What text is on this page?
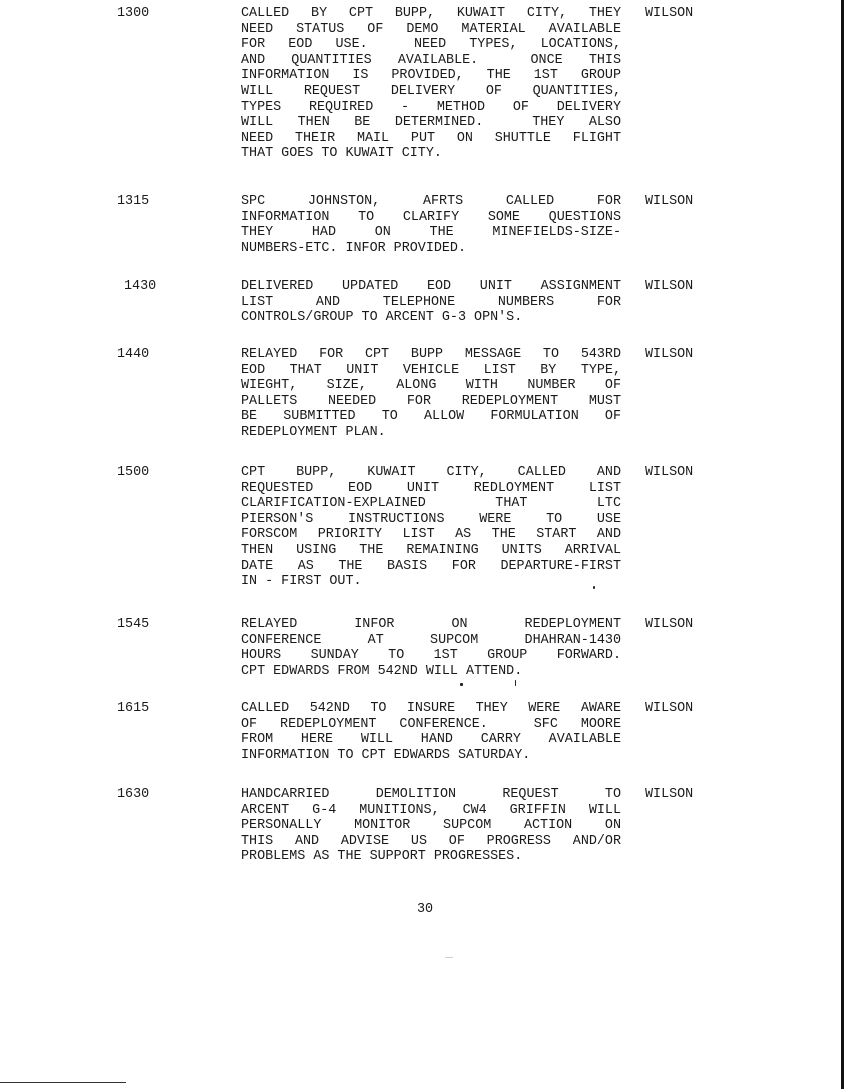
1300	CALLED BY CPT BUPP, KUWAIT CITY, THEY
NEED STATUS OF DEMO MATERIAL AVAILABLE
FOR EOD USE.  NEED TYPES, LOCATIONS,
AND QUANTITIES AVAILABLE.  ONCE THIS
INFORMATION IS PROVIDED, THE 1ST GROUP
WILL REQUEST DELIVERY OF QUANTITIES,
TYPES REQUIRED - METHOD OF DELIVERY
WILL THEN BE DETERMINED.  THEY ALSO
NEED THEIR MAIL PUT ON SHUTTLE FLIGHT
THAT GOES TO KUWAIT CITY.
WILSON
1315	SPC JOHNSTON, AFRTS CALLED FOR
INFORMATION TO CLARIFY SOME QUESTIONS
THEY HAD ON THE MINEFIELDS-SIZE-
NUMBERS-ETC. INFOR PROVIDED.
WILSON
1430	DELIVERED UPDATED EOD UNIT ASSIGNMENT
LIST AND TELEPHONE NUMBERS FOR
CONTROLS/GROUP TO ARCENT G-3 OPN'S.
WILSON
1440	RELAYED FOR CPT BUPP MESSAGE TO 543RD
EOD THAT UNIT VEHICLE LIST BY TYPE,
WIEGHT, SIZE, ALONG WITH NUMBER OF
PALLETS NEEDED FOR REDEPLOYMENT MUST
BE SUBMITTED TO ALLOW FORMULATION OF
REDEPLOYMENT PLAN.
WILSON
1500	CPT BUPP, KUWAIT CITY, CALLED AND
REQUESTED EOD UNIT REDLOYMENT LIST
CLARIFICATION-EXPLAINED THAT LTC
PIERSON'S INSTRUCTIONS WERE TO USE
FORSCOM PRIORITY LIST AS THE START AND
THEN USING THE REMAINING UNITS ARRIVAL
DATE AS THE BASIS FOR DEPARTURE-FIRST
IN - FIRST OUT.
WILSON
1545	RELAYED INFOR ON REDEPLOYMENT
CONFERENCE AT SUPCOM DHAHRAN-1430
HOURS SUNDAY TO 1ST GROUP FORWARD.
CPT EDWARDS FROM 542ND WILL ATTEND.
WILSON
1615	CALLED 542ND TO INSURE THEY WERE AWARE
OF REDEPLOYMENT CONFERENCE.  SFC MOORE
FROM HERE WILL HAND CARRY AVAILABLE
INFORMATION TO CPT EDWARDS SATURDAY.
WILSON
1630	HANDCARRIED DEMOLITION REQUEST TO
ARCENT G-4 MUNITIONS, CW4 GRIFFIN WILL
PERSONALLY MONITOR SUPCOM ACTION ON
THIS AND ADVISE US OF PROGRESS AND/OR
PROBLEMS AS THE SUPPORT PROGRESSES.
WILSON
30
